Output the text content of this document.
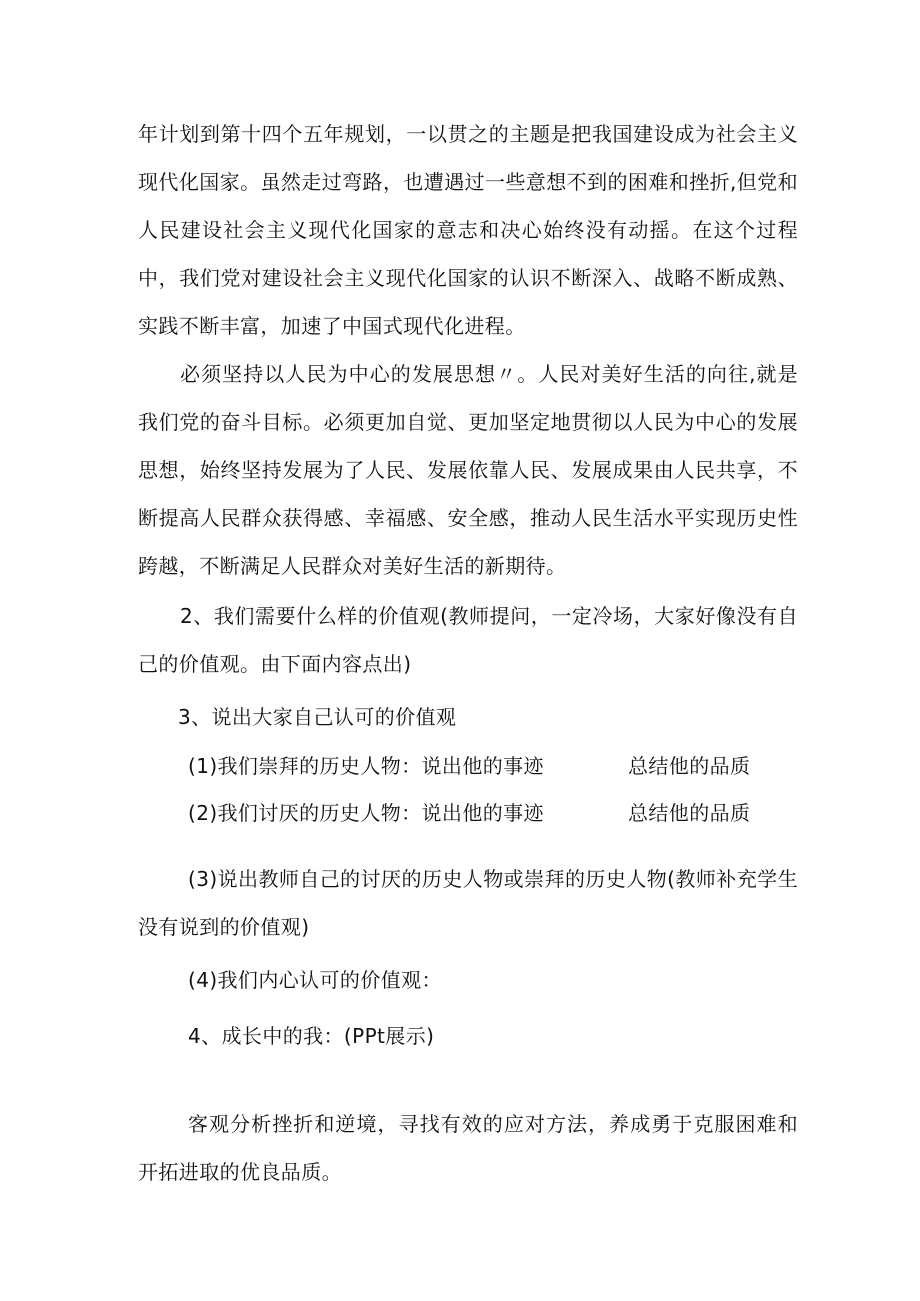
年计划到第十四个五年规划，一以贯之的主题是把我国建设成为社会主义现代化国家。虽然走过弯路，也遭遇过一些意想不到的困难和挫折,但党和人民建设社会主义现代化国家的意志和决心始终没有动摇。在这个过程中，我们党对建设社会主义现代化国家的认识不断深入、战略不断成熟、实践不断丰富，加速了中国式现代化进程。

必须坚持以人民为中心的发展思想〃。人民对美好生活的向往,就是我们党的奋斗目标。必须更加自觉、更加坚定地贯彻以人民为中心的发展思想，始终坚持发展为了人民、发展依靠人民、发展成果由人民共享，不断提高人民群众获得感、幸福感、安全感，推动人民生活水平实现历史性跨越，不断满足人民群众对美好生活的新期待。

2、我们需要什么样的价值观(教师提问，一定冷场，大家好像没有自己的价值观。由下面内容点出)

3、说出大家自己认可的价值观

(1)我们崇拜的历史人物：说出他的事迹	总结他的品质

(2)我们讨厌的历史人物：说出他的事迹	总结他的品质

(3)说出教师自己的讨厌的历史人物或崇拜的历史人物(教师补充学生没有说到的价值观)

(4)我们内心认可的价值观：

4、成长中的我：(PPt展示)

客观分析挫折和逆境，寻找有效的应对方法，养成勇于克服困难和开拓进取的优良品质。
